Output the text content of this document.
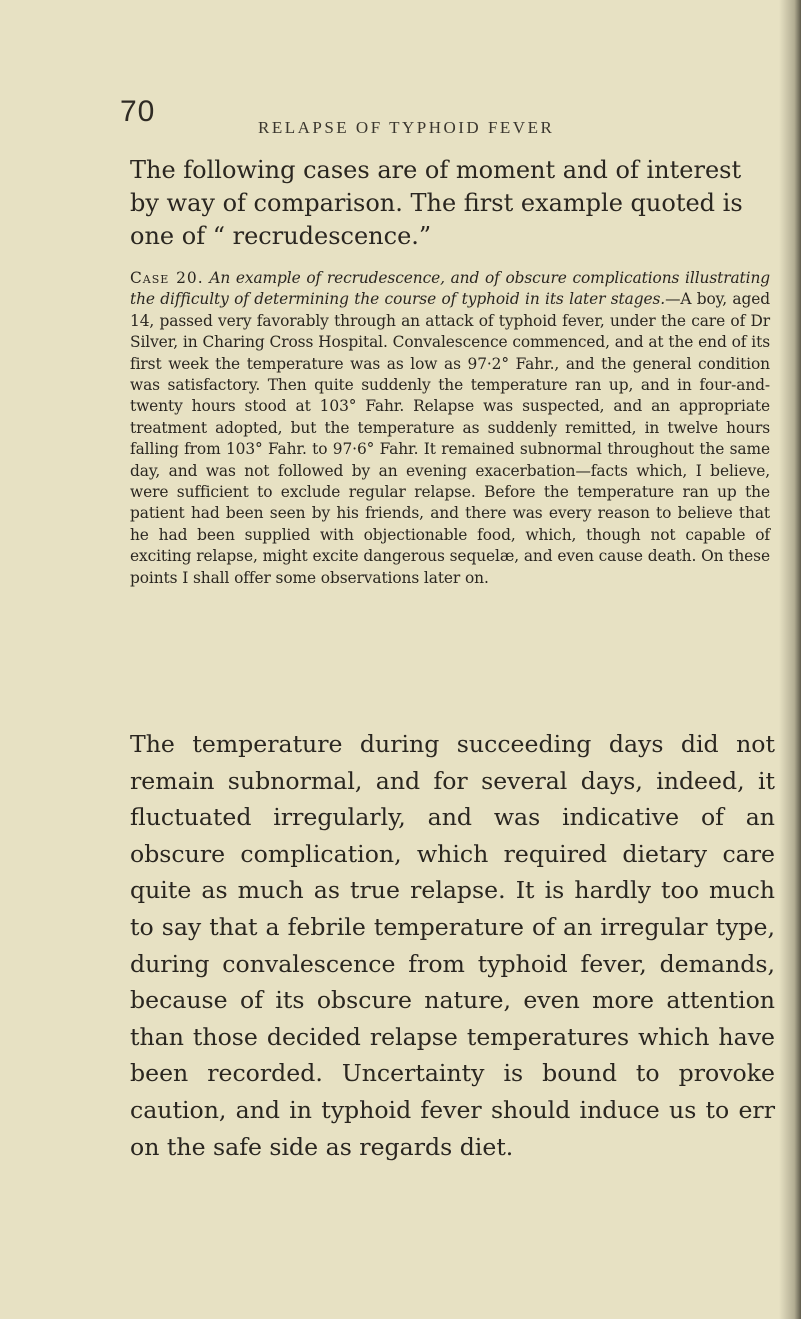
70	RELAPSE OF TYPHOID FEVER

The following cases are of moment and of interest by way of comparison. The first example quoted is one of “ recrudescence.”

Case 20. An example of recrudescence, and of obscure complications illustrating the difficulty of determining the course of typhoid in its later stages.—A boy, aged 14, passed very favorably through an attack of typhoid fever, under the care of Dr Silver, in Charing Cross Hospital. Convalescence commenced, and at the end of its first week the temperature was as low as 97·2° Fahr., and the general condition was satisfactory. Then quite suddenly the temperature ran up, and in four-and-twenty hours stood at 103° Fahr. Relapse was suspected, and an appropriate treatment adopted, but the temperature as suddenly remitted, in twelve hours falling from 103° Fahr. to 97·6° Fahr. It remained subnormal throughout the same day, and was not followed by an evening exacerbation—facts which, I believe, were sufficient to exclude regular relapse. Before the temperature ran up the patient had been seen by his friends, and there was every reason to believe that he had been supplied with objectionable food, which, though not capable of exciting relapse, might excite dangerous sequelæ, and even cause death. On these points I shall offer some observations later on.

The temperature during succeeding days did not remain subnormal, and for several days, indeed, it fluctuated irregularly, and was indicative of an obscure complication, which required dietary care quite as much as true relapse. It is hardly too much to say that a febrile temperature of an irregular type, during convalescence from typhoid fever, demands, because of its obscure nature, even more attention than those decided relapse temperatures which have been recorded. Uncertainty is bound to provoke caution, and in typhoid fever should induce us to err on the safe side as regards diet.
